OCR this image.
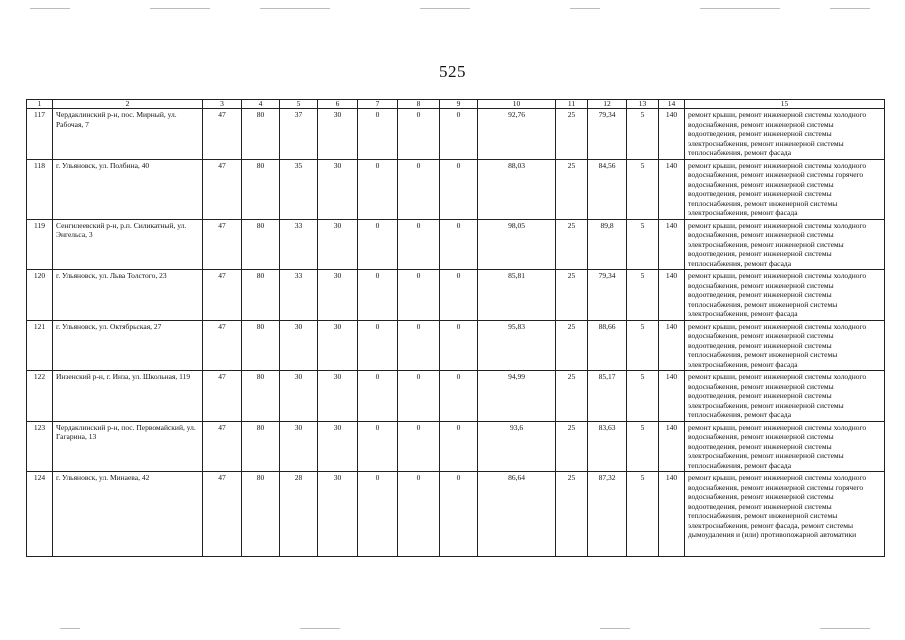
525
1	2	3	4	5	6	7	8	9	10	11	12	13	14	15
117	Чердаклинский р-н, пос. Мирный, ул. Рабочая, 7	47	80	37	30	0	0	0	92,76	25	79,34	5	140	ремонт крыши, ремонт инженерной системы холодного водоснабжения, ремонт инженерной системы водоотведения, ремонт инженерной системы электроснабжения, ремонт инженерной системы теплоснабжения, ремонт фасада
118	г. Ульяновск, ул. Полбина, 40	47	80	35	30	0	0	0	88,03	25	84,56	5	140	ремонт крыши, ремонт инженерной системы холодного водоснабжения, ремонт инженерной системы горячего водоснабжения, ремонт инженерной системы водоотведения, ремонт инженерной системы теплоснабжения, ремонт инженерной системы электроснабжения, ремонт фасада
119	Сенгилеевский р-н, р.п. Силикатный, ул. Энгельса, 3	47	80	33	30	0	0	0	98,05	25	89,8	5	140	ремонт крыши, ремонт инженерной системы холодного водоснабжения, ремонт инженерной системы электроснабжения, ремонт инженерной системы водоотведения, ремонт инженерной системы теплоснабжения, ремонт фасада
120	г. Ульяновск, ул. Льва Толстого, 23	47	80	33	30	0	0	0	85,81	25	79,34	5	140	ремонт крыши, ремонт инженерной системы холодного водоснабжения, ремонт инженерной системы водоотведения, ремонт инженерной системы теплоснабжения, ремонт инженерной системы электроснабжения, ремонт фасада
121	г. Ульяновск, ул. Октябрьская, 27	47	80	30	30	0	0	0	95,83	25	88,66	5	140	ремонт крыши, ремонт инженерной системы холодного водоснабжения, ремонт инженерной системы водоотведения, ремонт инженерной системы теплоснабжения, ремонт инженерной системы электроснабжения, ремонт фасада
122	Инзенский р-н, г. Инза, ул. Школьная, 119	47	80	30	30	0	0	0	94,99	25	85,17	5	140	ремонт крыши, ремонт инженерной системы холодного водоснабжения, ремонт инженерной системы водоотведения, ремонт инженерной системы электроснабжения, ремонт инженерной системы теплоснабжения, ремонт фасада
123	Чердаклинский р-н, пос. Первомайский, ул. Гагарина, 13	47	80	30	30	0	0	0	93,6	25	83,63	5	140	ремонт крыши, ремонт инженерной системы холодного водоснабжения, ремонт инженерной системы водоотведения, ремонт инженерной системы электроснабжения, ремонт инженерной системы теплоснабжения, ремонт фасада
124	г. Ульяновск, ул. Минаева, 42	47	80	28	30	0	0	0	86,64	25	87,32	5	140	ремонт крыши, ремонт инженерной системы холодного водоснабжения, ремонт инженерной системы горячего водоснабжения, ремонт инженерной системы водоотведения, ремонт инженерной системы теплоснабжения, ремонт инженерной системы электроснабжения, ремонт фасада, ремонт системы дымоудаления и (или) противопожарной автоматики
